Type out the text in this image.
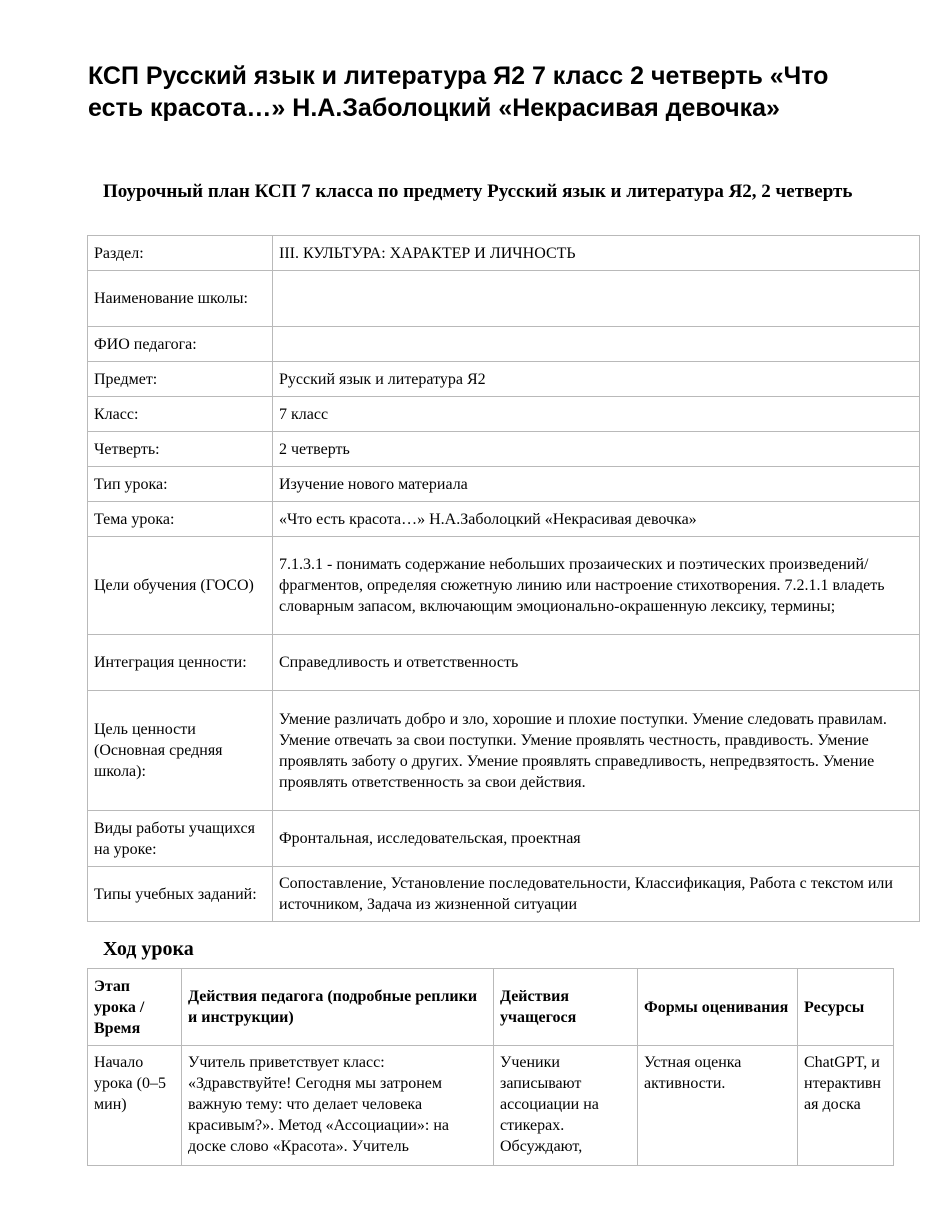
КСП Русский язык и литература Я2 7 класс 2 четверть «Что есть красота…» Н.А.Заболоцкий «Некрасивая девочка»
Поурочный план КСП 7 класса по предмету Русский язык и литература Я2, 2 четверть
Раздел:	III. КУЛЬТУРА: ХАРАКТЕР И ЛИЧНОСТЬ
Наименование школы:	
ФИО педагога:	
Предмет:	Русский язык и литература Я2
Класс:	7 класс
Четверть:	2 четверть
Тип урока:	Изучение нового материала
Тема урока:	«Что есть красота…» Н.А.Заболоцкий «Некрасивая девочка»
Цели обучения (ГОСО)	7.1.3.1 - понимать содержание небольших прозаических и поэтических произведений/ фрагментов, определяя сюжетную линию или настроение стихотворения. 7.2.1.1 владеть словарным запасом, включающим эмоционально-окрашенную лексику, термины;
Интеграция ценности:	Справедливость и ответственность
Цель ценности (Основная средняя школа):	Умение различать добро и зло, хорошие и плохие поступки. Умение следовать правилам. Умение отвечать за свои поступки. Умение проявлять честность, правдивость. Умение проявлять заботу о других. Умение проявлять справедливость, непредвзятость. Умение проявлять ответственность за свои действия.
Виды работы учащихся на уроке:	Фронтальная, исследовательская, проектная
Типы учебных заданий:	Сопоставление, Установление последовательности, Классификация, Работа с текстом или источником, Задача из жизненной ситуации
Ход урока
Этап урока / Время	Действия педагога (подробные реплики и инструкции)	Действия учащегося	Формы оценивания	Ресурсы

Начало урока (0–5 мин)	Учитель приветствует класс: «Здравствуйте! Сегодня мы затронем важную тему: что делает человека красивым?». Метод «Ассоциации»: на доске слово «Красота». Учитель	Ученики записывают ассоциации на стикерах. Обсуждают,	Устная оценка активности.	ChatGPT, интерактивная доска
